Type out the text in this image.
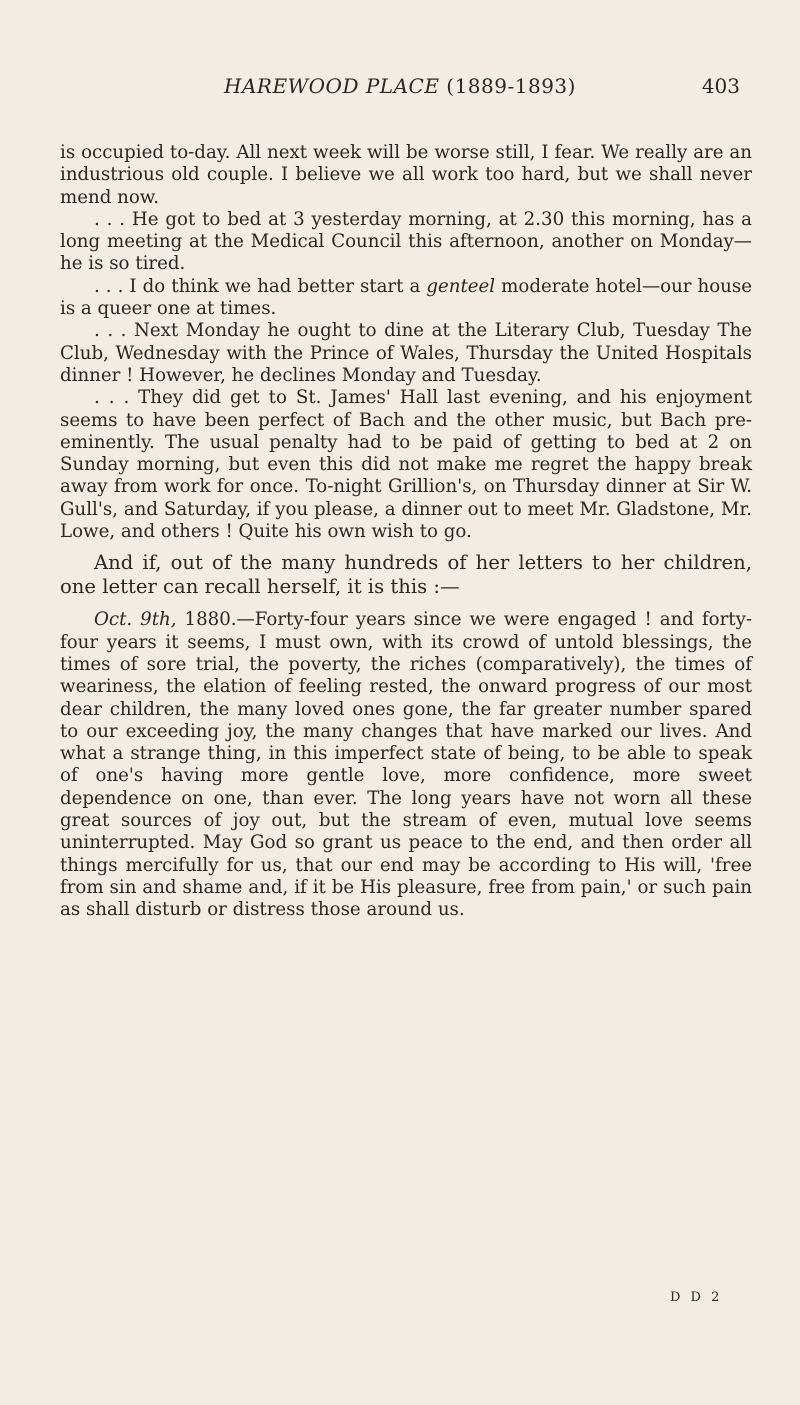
HAREWOOD PLACE (1889-1893)	403

is occupied to-day. All next week will be worse still, I fear. We really are an industrious old couple. I believe we all work too hard, but we shall never mend now.

. . . He got to bed at 3 yesterday morning, at 2.30 this morning, has a long meeting at the Medical Council this afternoon, another on Monday—he is so tired.

. . . I do think we had better start a genteel moderate hotel—our house is a queer one at times.

. . . Next Monday he ought to dine at the Literary Club, Tuesday The Club, Wednesday with the Prince of Wales, Thursday the United Hospitals dinner ! However, he declines Monday and Tuesday.

. . . They did get to St. James' Hall last evening, and his enjoyment seems to have been perfect of Bach and the other music, but Bach pre-eminently. The usual penalty had to be paid of getting to bed at 2 on Sunday morning, but even this did not make me regret the happy break away from work for once. To-night Grillion's, on Thursday dinner at Sir W. Gull's, and Saturday, if you please, a dinner out to meet Mr. Gladstone, Mr. Lowe, and others ! Quite his own wish to go.

And if, out of the many hundreds of her letters to her children, one letter can recall herself, it is this :—

Oct. 9th, 1880.—Forty-four years since we were engaged ! and forty-four years it seems, I must own, with its crowd of untold blessings, the times of sore trial, the poverty, the riches (comparatively), the times of weariness, the elation of feeling rested, the onward progress of our most dear children, the many loved ones gone, the far greater number spared to our exceeding joy, the many changes that have marked our lives. And what a strange thing, in this imperfect state of being, to be able to speak of one's having more gentle love, more confidence, more sweet dependence on one, than ever. The long years have not worn all these great sources of joy out, but the stream of even, mutual love seems uninterrupted. May God so grant us peace to the end, and then order all things mercifully for us, that our end may be according to His will, 'free from sin and shame and, if it be His pleasure, free from pain,' or such pain as shall disturb or distress those around us.

D D 2
